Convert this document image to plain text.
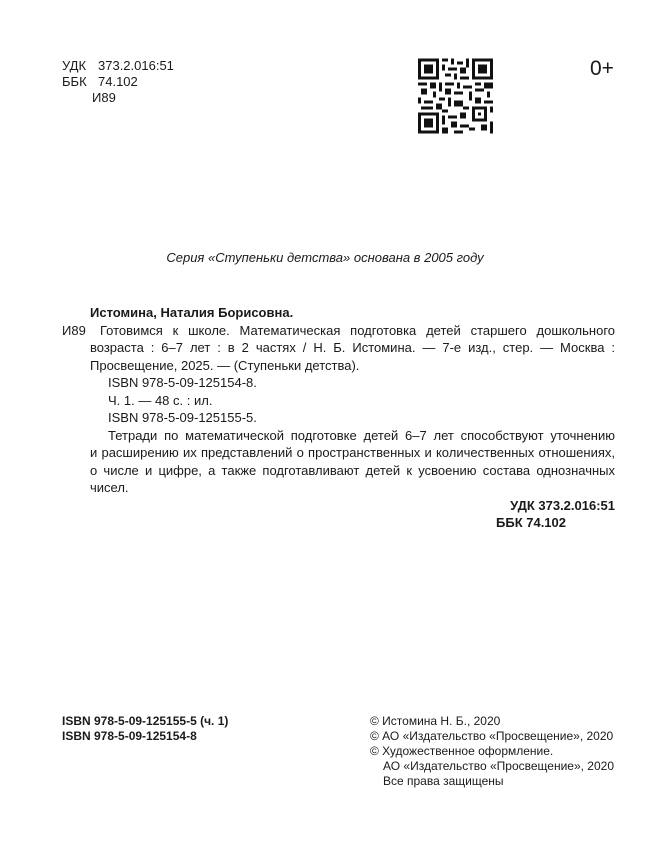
УДК 373.2.016:51
ББК 74.102
И89
0+
Серия «Ступеньки детства» основана в 2005 году
Истомина, Наталия Борисовна.
И89	Готовимся к школе. Математическая подготовка детей старшего дошкольного
возраста : 6–7 лет : в 2 частях / Н. Б. Истомина. — 7-е изд., стер. — Москва :
Просвещение, 2025. — (Ступеньки детства).
ISBN 978-5-09-125154-8.
Ч. 1. — 48 с. : ил.
ISBN 978-5-09-125155-5.
Тетради по математической подготовке детей 6–7 лет способствуют уточнению
и расширению их представлений о пространственных и количественных отношениях,
о числе и цифре, а также подготавливают детей к усвоению состава однозначных чисел.
УДК 373.2.016:51
ББК 74.102
ISBN 978-5-09-125155-5 (ч. 1)
ISBN 978-5-09-125154-8
© Истомина Н. Б., 2020
© АО «Издательство «Просвещение», 2020
© Художественное оформление.
АО «Издательство «Просвещение», 2020
Все права защищены
